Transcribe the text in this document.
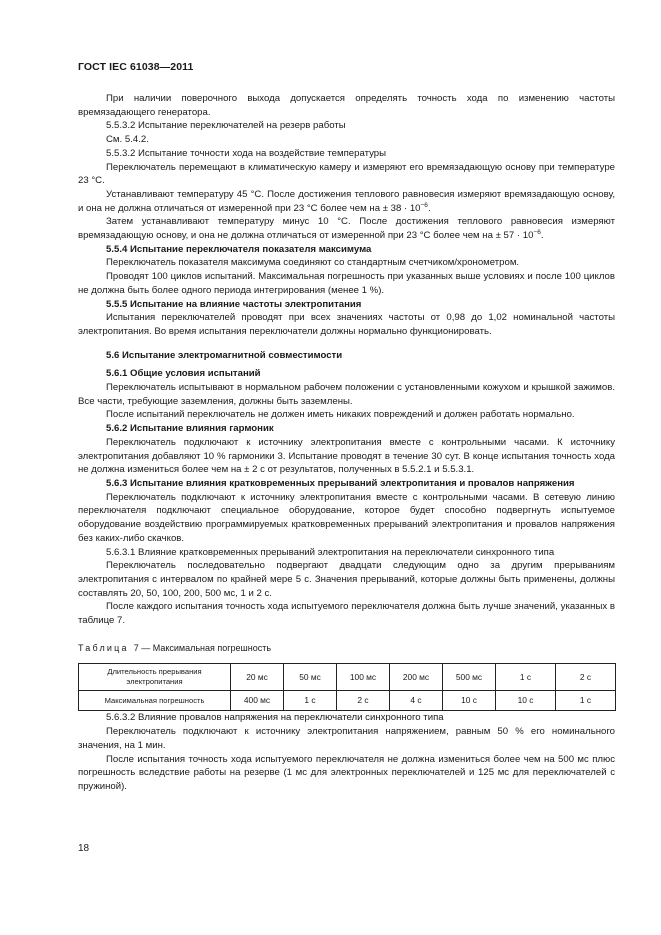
ГОСТ IEC 61038—2011

При наличии поверочного выхода допускается определять точность хода по изменению частоты времязадающего генератора.

5.5.3.2 Испытание переключателей на резерв работы

См. 5.4.2.

5.5.3.2 Испытание точности хода на воздействие температуры

Переключатель перемещают в климатическую камеру и измеряют его времязадающую основу при температуре 23 °С.

Устанавливают температуру 45 °С. После достижения теплового равновесия измеряют времязадающую основу, и она не должна отличаться от измеренной при 23 °С более чем на ± $38 \cdot 10^{-6}$.

Затем устанавливают температуру минус 10 °С. После достижения теплового равновесия измеряют времязадающую основу, и она не должна отличаться от измеренной при 23 °С более чем на ± $57 \cdot 10^{-6}$.

5.5.4 Испытание переключателя показателя максимума

Переключатель показателя максимума соединяют со стандартным счетчиком/хронометром.

Проводят 100 циклов испытаний. Максимальная погрешность при указанных выше условиях и после 100 циклов не должна быть более одного периода интегрирования (менее 1 %).

5.5.5 Испытание на влияние частоты электропитания

Испытания переключателей проводят при всех значениях частоты от 0,98 до 1,02 номинальной частоты электропитания. Во время испытания переключатели должны нормально функционировать.

5.6 Испытание электромагнитной совместимости

5.6.1 Общие условия испытаний

Переключатель испытывают в нормальном рабочем положении с установленными кожухом и крышкой зажимов. Все части, требующие заземления, должны быть заземлены.

После испытаний переключатель не должен иметь никаких повреждений и должен работать нормально.

5.6.2 Испытание влияния гармоник

Переключатель подключают к источнику электропитания вместе с контрольными часами. К источнику электропитания добавляют 10 % гармоники 3. Испытание проводят в течение 30 сут. В конце испытания точность хода не должна измениться более чем на ± 2 с от результатов, полученных в 5.5.2.1 и 5.5.3.1.

5.6.3 Испытание влияния кратковременных прерываний электропитания и провалов напряжения

Переключатель подключают к источнику электропитания вместе с контрольными часами. В сетевую линию переключателя подключают специальное оборудование, которое будет способно подвергнуть испытуемое оборудование воздействию программируемых кратковременных прерываний электропитания и провалов напряжения без каких-либо скачков.

5.6.3.1 Влияние кратковременных прерываний электропитания на переключатели синхронного типа

Переключатель последовательно подвергают двадцати следующим одно за другим прерываниям электропитания с интервалом по крайней мере 5 с. Значения прерываний, которые должны быть применены, должны составлять 20, 50, 100, 200, 500 мс, 1 и 2 с.

После каждого испытания точность хода испытуемого переключателя должна быть лучше значений, указанных в таблице 7.

Таблица 7 — Максимальная погрешность
Длительность прерывания электропитания	20 мс	50 мс	100 мс	200 мс	500 мс	1 с	2 с
Максимальная погрешность	400 мс	1 с	2 с	4 с	10 с	10 с	1 с

5.6.3.2 Влияние провалов напряжения на переключатели синхронного типа

Переключатель подключают к источнику электропитания напряжением, равным 50 % его номинального значения, на 1 мин.

После испытания точность хода испытуемого переключателя не должна измениться более чем на 500 мс плюс погрешность вследствие работы на резерве (1 мс для электронных переключателей и 125 мс для переключателей с пружиной).

18
